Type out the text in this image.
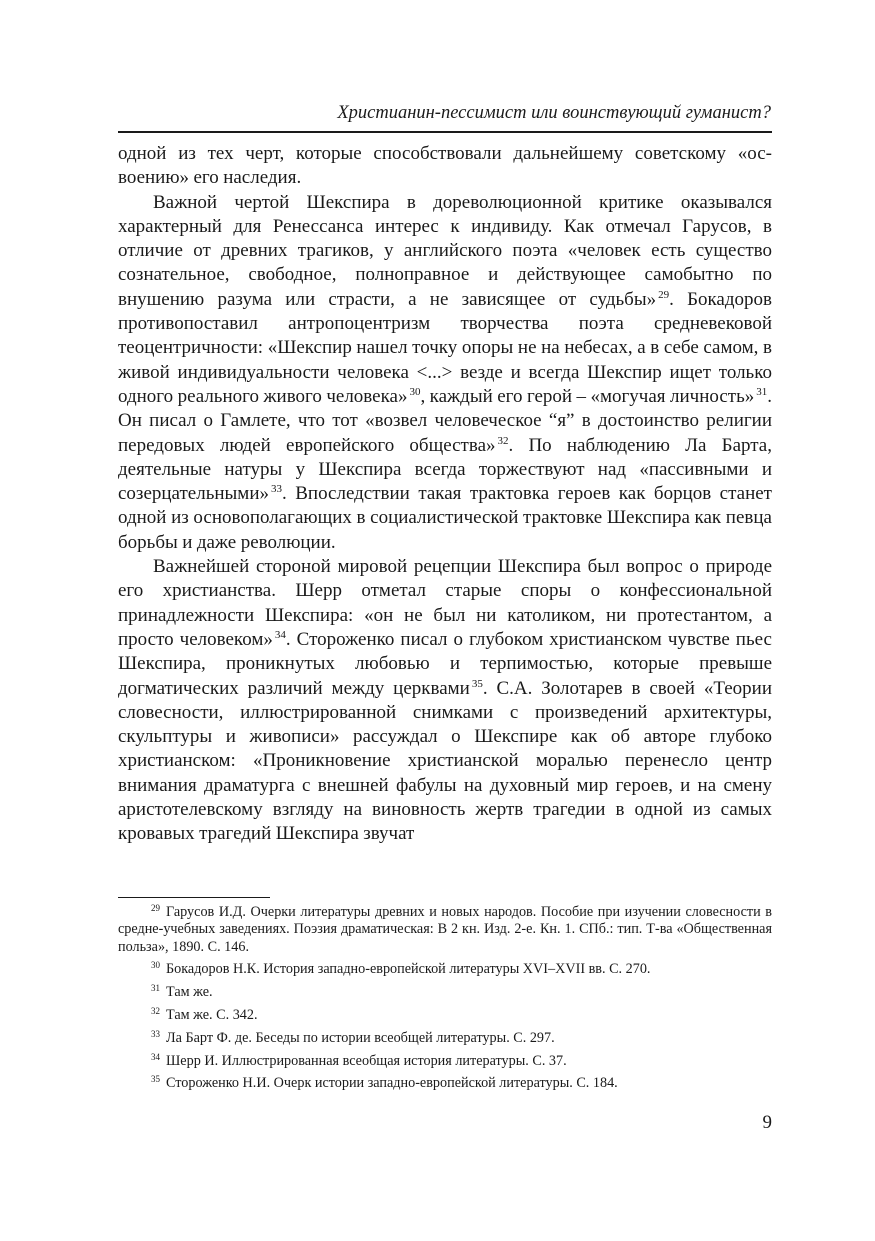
Христианин-пессимист или воинствующий гуманист?

одной из тех черт, которые способствовали дальнейшему советскому «освоению» его наследия.

Важной чертой Шекспира в дореволюционной критике оказывался характерный для Ренессанса интерес к индивиду. Как отмечал Гарусов, в отличие от древних трагиков, у английского поэта «человек есть существо сознательное, свободное, полноправное и действующее самобытно по внушению разума или страсти, а не зависящее от судьбы» $^{29}$. Бокадоров противопоставил антропоцентризм творчества поэта средневековой теоцентричности: «Шекспир нашел точку опоры не на небесах, а в себе самом, в живой индивидуальности человека <...> везде и всегда Шекспир ищет только одного реального живого человека» $^{30}$, каждый его герой – «могучая личность» $^{31}$. Он писал о Гамлете, что тот «возвел человеческое “я” в достоинство религии передовых людей европейского общества» $^{32}$. По наблюдению Ла Барта, деятельные натуры у Шекспира всегда торжествуют над «пассивными и созерцательными» $^{33}$. Впоследствии такая трактовка героев как борцов станет одной из основополагающих в социалистической трактовке Шекспира как певца борьбы и даже революции.

Важнейшей стороной мировой рецепции Шекспира был вопрос о природе его христианства. Шерр отметал старые споры о конфессиональной принадлежности Шекспира: «он не был ни католиком, ни протестантом, а просто человеком» $^{34}$. Стороженко писал о глубоком христианском чувстве пьес Шекспира, проникнутых любовью и терпимостью, которые превыше догматических различий между церквами $^{35}$. С.А. Золотарев в своей «Теории словесности, иллюстрированной снимками с произведений архитектуры, скульптуры и живописи» рассуждал о Шекспире как об авторе глубоко христианском: «Проникновение христианской моралью перенесло центр внимания драматурга с внешней фабулы на духовный мир героев, и на смену аристотелевскому взгляду на виновность жертв трагедии в одной из самых кровавых трагедий Шекспира звучат

$^{29}$ Гарусов И.Д. Очерки литературы древних и новых народов. Пособие при изучении словесности в средне-учебных заведениях. Поэзия драматическая: В 2 кн. Изд. 2-е. Кн. 1. СПб.: тип. Т-ва «Общественная польза», 1890. С. 146.

$^{30}$ Бокадоров Н.К. История западно-европейской литературы XVI–XVII вв. С. 270.

$^{31}$ Там же.

$^{32}$ Там же. С. 342.

$^{33}$ Ла Барт Ф. де. Беседы по истории всеобщей литературы. С. 297.

$^{34}$ Шерр И. Иллюстрированная всеобщая история литературы. С. 37.

$^{35}$ Стороженко Н.И. Очерк истории западно-европейской литературы. С. 184.

9
